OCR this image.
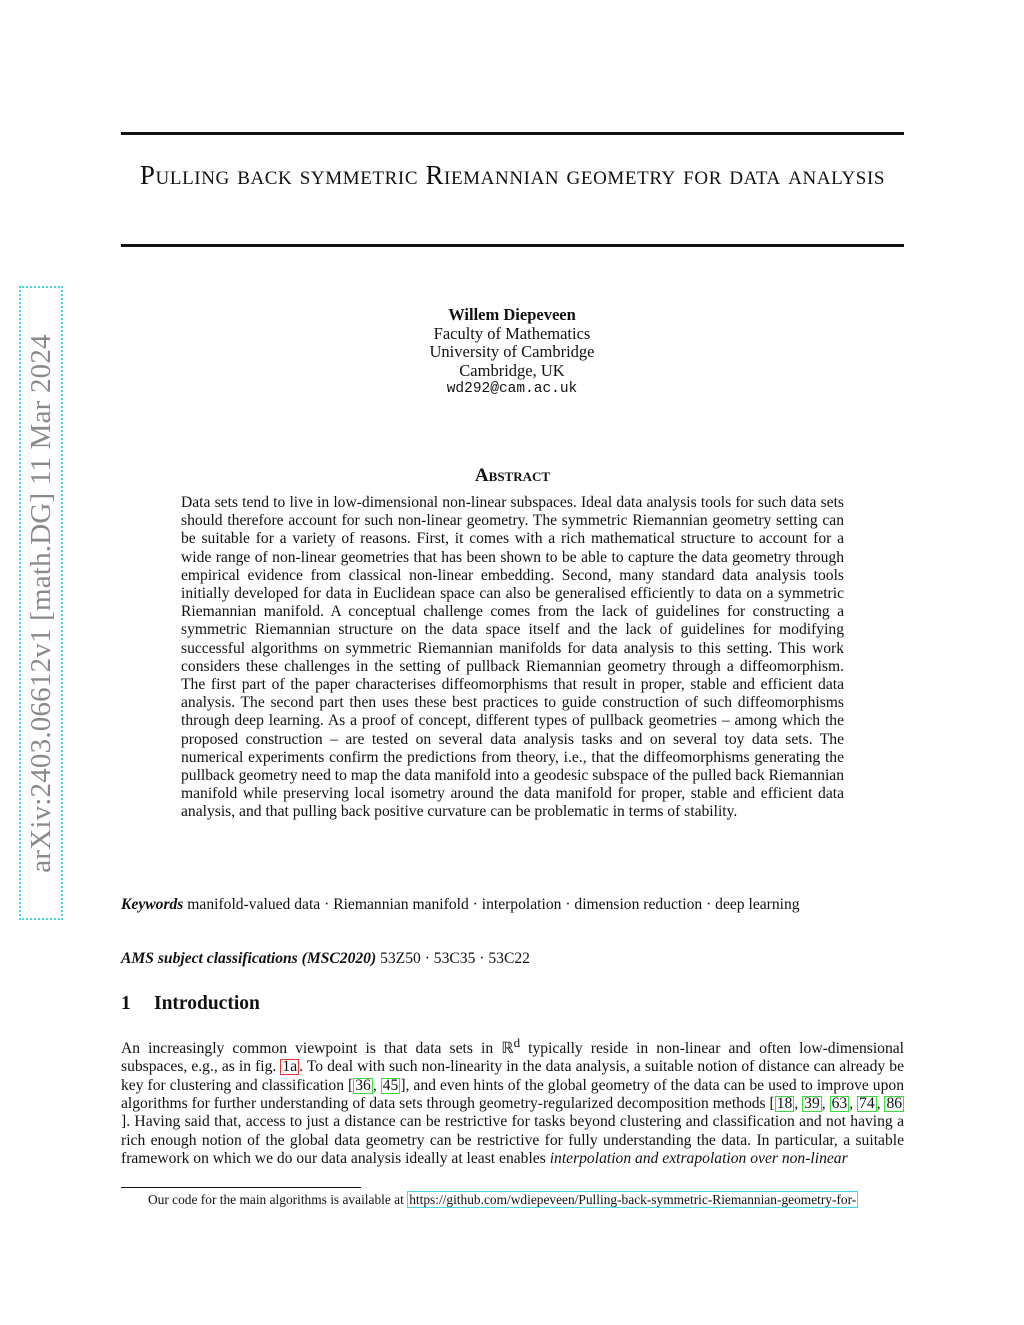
arXiv:2403.06612v1 [math.DG] 11 Mar 2024
Pulling back symmetric Riemannian geometry for data analysis
Willem Diepeveen
Faculty of Mathematics
University of Cambridge
Cambridge, UK
wd292@cam.ac.uk
Abstract
Data sets tend to live in low-dimensional non-linear subspaces. Ideal data analysis tools for such data sets should therefore account for such non-linear geometry. The symmetric Riemannian geometry setting can be suitable for a variety of reasons. First, it comes with a rich mathematical structure to account for a wide range of non-linear geometries that has been shown to be able to capture the data geometry through empirical evidence from classical non-linear embedding. Second, many standard data analysis tools initially developed for data in Euclidean space can also be generalised efficiently to data on a symmetric Riemannian manifold. A conceptual challenge comes from the lack of guidelines for constructing a symmetric Riemannian structure on the data space itself and the lack of guidelines for modifying successful algorithms on symmetric Riemannian manifolds for data analysis to this setting. This work considers these challenges in the setting of pullback Riemannian geometry through a diffeomorphism. The first part of the paper characterises diffeomorphisms that result in proper, stable and efficient data analysis. The second part then uses these best practices to guide construction of such diffeomorphisms through deep learning. As a proof of concept, different types of pullback geometries – among which the proposed construction – are tested on several data analysis tasks and on several toy data sets. The numerical experiments confirm the predictions from theory, i.e., that the diffeomorphisms generating the pullback geometry need to map the data manifold into a geodesic subspace of the pulled back Riemannian manifold while preserving local isometry around the data manifold for proper, stable and efficient data analysis, and that pulling back positive curvature can be problematic in terms of stability.
Keywords manifold-valued data · Riemannian manifold · interpolation · dimension reduction · deep learning
AMS subject classifications (MSC2020) 53Z50 · 53C35 · 53C22
1 Introduction
An increasingly common viewpoint is that data sets in ℝ$^d$ typically reside in non-linear and often low-dimensional subspaces, e.g., as in fig. 1a . To deal with such non-linearity in the data analysis, a suitable notion of distance can already be key for clustering and classification [ 36 , 45 ], and even hints of the global geometry of the data can be used to improve upon algorithms for further understanding of data sets through geometry-regularized decomposition methods [ 18 , 39 , 63 , 74 , 86]. Having said that, access to just a distance can be restrictive for tasks beyond clustering and classification and not having a rich enough notion of the global data geometry can be restrictive for fully understanding the data. In particular, a suitable framework on which we do our data analysis ideally at least enables interpolation and extrapolation over non-linear
Our code for the main algorithms is available at https://github.com/wdiepeveen/Pulling-back-symmetric-Riemannian-geometry-for-
